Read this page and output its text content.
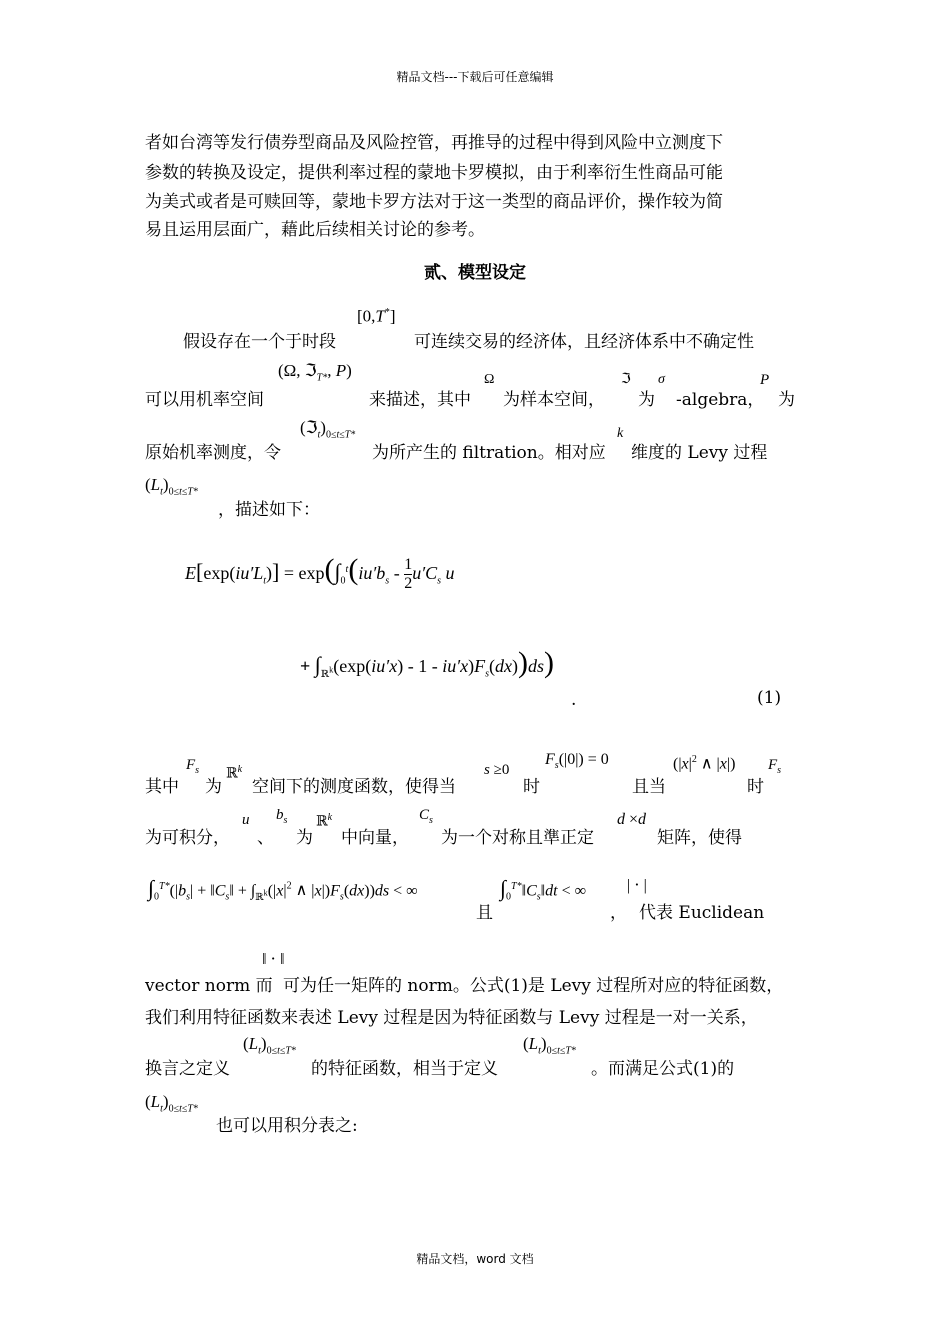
精品文档---下载后可任意编辑
者如台湾等发行债券型商品及风险控管，再推导的过程中得到风险中立测度下
参数的转换及设定，提供利率过程的蒙地卡罗模拟，由于利率衍生性商品可能
为美式或者是可赎回等，蒙地卡罗方法对于这一类型的商品评价，操作较为简
易且运用层面广，藉此后续相关讨论的参考。
贰、模型设定
[0,T*]
假设存在一个于时段	可连续交易的经济体，且经济体系中不确定性
(Ω, ℑ$_{T*}$, P)	Ω	ℑ σ	P
可以用机率空间	来描述，其中 为样本空间， 为 -algebra， 为
$(ℑ_t)_{0\le t\le T*}$	k
原始机率测度，令	为所产生的 filtration。相对应 维度的 Levy 过程
$(L_t)_{0\le t\le T*}$
，描述如下：
$E[\exp(iu'L_t)] = \exp(\int_0^t(iu'b_s - 1$
$2u'C_s$ u
+ $\int_{ℝ^k}(\exp(iu'x) - 1 - iu'x)F_s(dx))ds$)
.	(1)
$F_s$ ℝ$^k$	s ≥0
$F_s(|0|) = 0$	($|x|^2$ ∧ |x|) $F_s$
其中 为 空间下的测度函数，使得当	时	且当	时
u $b_s$ ℝ$^k$	$C_s$	d ×d
为可积分， 、 为 中向量， 为一个对称且準正定	矩阵，使得
$\int_0^{T*}(|b_s|$ + $‖C_s‖ + \int_{ℝ^k}(|x|^2$ ∧ $|x|)F_s(dx))ds$ < ∞	$\int_0^{T*}‖C_s‖dt$ < ∞	| ⋅ |
且	， 代表 Euclidean
‖ ⋅ ‖
vector norm 而 可为任一矩阵的 norm。公式(1)是 Levy 过程所对应的特征函数，
我们利用特征函数来表述 Levy 过程是因为特征函数与 Levy 过程是一对一关系，
$(L_t)_{0\le t\le T*}$	$(L_t)_{0\le t\le T*}$
换言之定义	的特征函数，相当于定义	。而满足公式(1)的
$(L_t)_{0\le t\le T*}$
也可以用积分表之:
精品文档，word 文档
